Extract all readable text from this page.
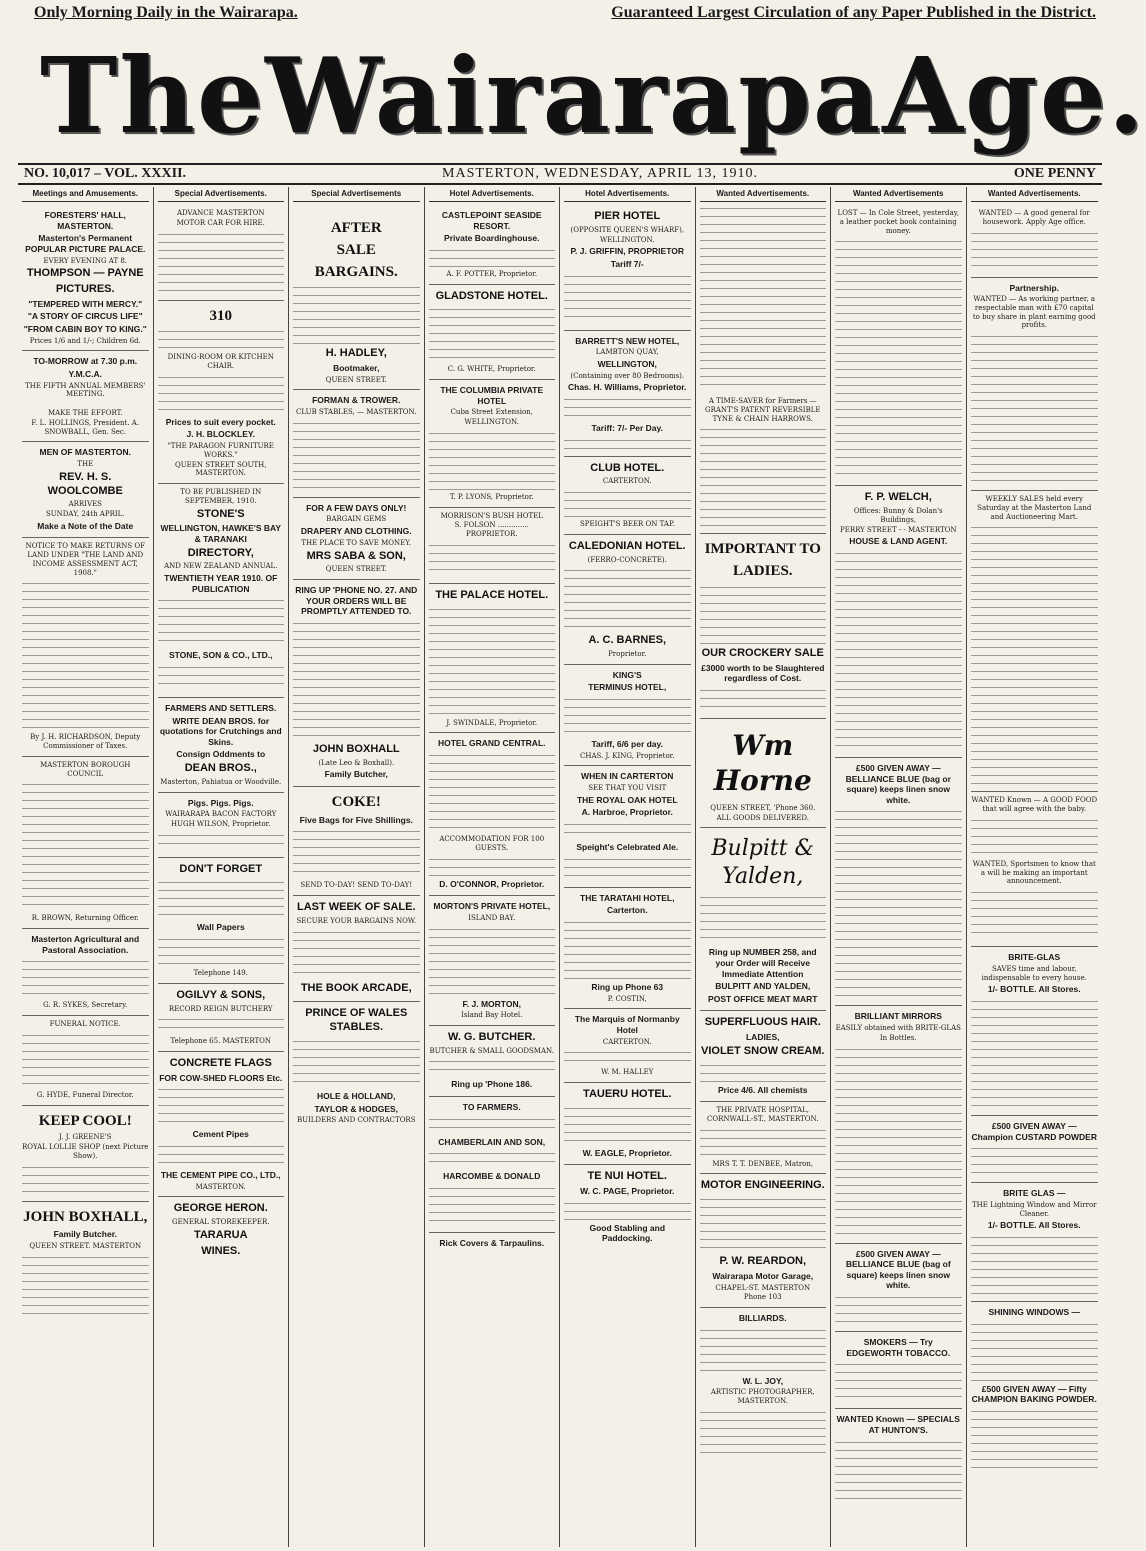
Only Morning Daily in the Wairarapa.	Guaranteed Largest Circulation of any Paper Published in the District.
The Wairarapa Age.
NO. 10,017 – VOL. XXXII.	MASTERTON, WEDNESDAY, APRIL 13, 1910.	ONE PENNY
Meetings and Amusements.
FORESTERS' HALL, MASTERTON.
Masterton's Permanent POPULAR PICTURE PALACE.
EVERY EVENING AT 8.
THOMPSON — PAYNE
PICTURES.
"TEMPERED WITH MERCY."
"A STORY OF CIRCUS LIFE"
"FROM CABIN BOY TO KING."
Prices 1/6 and 1/-; Children 6d.
TO-MORROW at 7.30 p.m.
Y.M.C.A.
THE FIFTH ANNUAL MEMBERS' MEETING.
MAKE THE EFFORT.
F. L. HOLLINGS, President. A. SNOWBALL, Gen. Sec.
MEN OF MASTERTON.
THE
REV. H. S. WOOLCOMBE
ARRIVES
SUNDAY, 24th APRIL.
Make a Note of the Date
NOTICE TO MAKE RETURNS OF LAND UNDER "THE LAND AND INCOME ASSESSMENT ACT, 1908."
By J. H. RICHARDSON, Deputy Commissioner of Taxes.
MASTERTON BOROUGH COUNCIL
R. BROWN, Returning Officer.
Masterton Agricultural and Pastoral Association.
G. R. SYKES, Secretary.
FUNERAL NOTICE.
G. HYDE, Funeral Director.
KEEP COOL!
J. J. GREENE'S
ROYAL LOLLIE SHOP (next Picture Show).
JOHN BOXHALL,
Family Butcher.
QUEEN STREET. MASTERTON
Special Advertisements.
ADVANCE MASTERTON
MOTOR CAR FOR HIRE.
310
DINING-ROOM OR KITCHEN CHAIR.
Prices to suit every pocket.
J. H. BLOCKLEY.
"THE PARAGON FURNITURE WORKS."
QUEEN STREET SOUTH, MASTERTON.
TO BE PUBLISHED IN SEPTEMBER, 1910.
STONE'S
WELLINGTON, HAWKE'S BAY & TARANAKI
DIRECTORY,
AND NEW ZEALAND ANNUAL.
TWENTIETH YEAR 1910. OF PUBLICATION
STONE, SON & CO., LTD.,
FARMERS AND SETTLERS.
WRITE DEAN BROS. for quotations for Crutchings and Skins.
Consign Oddments to
DEAN BROS.,
Masterton, Pahiatua or Woodville.
Pigs. Pigs. Pigs.
WAIRARAPA BACON FACTORY
HUGH WILSON, Proprietor.
DON'T FORGET
Wall Papers
Telephone 149.
OGILVY & SONS,
RECORD REIGN BUTCHERY
Telephone 65. MASTERTON
CONCRETE FLAGS
FOR COW-SHED FLOORS Etc.
Cement Pipes
THE CEMENT PIPE CO., LTD.,
MASTERTON.
GEORGE HERON.
GENERAL STOREKEEPER.
TARARUA
WINES.
Special Advertisements
AFTER
SALE
BARGAINS.
H. HADLEY,
Bootmaker,
QUEEN STREET.
FORMAN & TROWER.
CLUB STABLES, — MASTERTON.
FOR A FEW DAYS ONLY!
BARGAIN GEMS
DRAPERY AND CLOTHING.
THE PLACE TO SAVE MONEY.
MRS SABA & SON,
QUEEN STREET.
RING UP 'PHONE NO. 27. AND YOUR ORDERS WILL BE PROMPTLY ATTENDED TO.
JOHN BOXHALL
(Late Leo & Boxhall).
Family Butcher,
COKE!
Five Bags for Five Shillings.
SEND TO-DAY! SEND TO-DAY!
LAST WEEK OF SALE.
SECURE YOUR BARGAINS NOW.
THE BOOK ARCADE,
PRINCE OF WALES STABLES.
HOLE & HOLLAND,
TAYLOR & HODGES,
BUILDERS AND CONTRACTORS
Hotel Advertisements.
CASTLEPOINT SEASIDE RESORT.
Private Boardinghouse.
A. F. POTTER, Proprietor.
GLADSTONE HOTEL.
C. G. WHITE, Proprietor.
THE COLUMBIA PRIVATE HOTEL
Cuba Street Extension,
WELLINGTON.
T. P. LYONS, Proprietor.
MORRISON'S BUSH HOTEL
S. FOLSON .............. PROPRIETOR.
THE PALACE HOTEL.
J. SWINDALE, Proprietor.
HOTEL GRAND CENTRAL.
ACCOMMODATION FOR 100 GUESTS.
D. O'CONNOR, Proprietor.
MORTON'S PRIVATE HOTEL,
ISLAND BAY.
F. J. MORTON,
Island Bay Hotel.
W. G. BUTCHER.
BUTCHER & SMALL GOODSMAN.
Ring up 'Phone 186.
TO FARMERS.
CHAMBERLAIN AND SON,
HARCOMBE & DONALD
Rick Covers & Tarpaulins.
Hotel Advertisements.
PIER HOTEL
(OPPOSITE QUEEN'S WHARF),
WELLINGTON.
P. J. GRIFFIN, PROPRIETOR
Tariff 7/-
BARRETT'S NEW HOTEL,
LAMBTON QUAY,
WELLINGTON,
(Containing over 80 Bedrooms).
Chas. H. Williams, Proprietor.
Tariff: 7/- Per Day.
CLUB HOTEL.
CARTERTON.
SPEIGHT'S BEER ON TAP.
CALEDONIAN HOTEL.
(FERRO-CONCRETE).
A. C. BARNES,
Proprietor.
KING'S
TERMINUS HOTEL,
Tariff, 6/6 per day.
CHAS. J. KING, Proprietor.
WHEN IN CARTERTON
SEE THAT YOU VISIT
THE ROYAL OAK HOTEL
A. Harbroe, Proprietor.
Speight's Celebrated Ale.
THE TARATAHI HOTEL,
Carterton.
Ring up Phone 63
P. COSTIN,
The Marquis of Normanby Hotel
CARTERTON.
W. M. HALLEY
TAUERU HOTEL.
W. EAGLE, Proprietor.
TE NUI HOTEL.
W. C. PAGE, Proprietor.
Good Stabling and Paddocking.
Wanted Advertisements.
A TIME-SAVER for Farmers — GRANT'S PATENT REVERSIBLE TYNE & CHAIN HARROWS.
IMPORTANT TO
LADIES.
OUR CROCKERY SALE
£3000 worth to be Slaughtered regardless of Cost.
Wm Horne
QUEEN STREET, 'Phone 360.
ALL GOODS DELIVERED.
Bulpitt & Yalden,
Ring up NUMBER 258, and your Order will Receive Immediate Attention
BULPITT AND YALDEN,
POST OFFICE MEAT MART
SUPERFLUOUS HAIR.
LADIES,
VIOLET SNOW CREAM.
Price 4/6. All chemists
THE PRIVATE HOSPITAL, CORNWALL-ST., MASTERTON.
MRS T. T. DENBEE, Matron,
MOTOR ENGINEERING.
P. W. REARDON,
Wairarapa Motor Garage,
CHAPEL-ST. MASTERTON
Phone 103
BILLIARDS.
W. L. JOY,
ARTISTIC PHOTOGRAPHER, MASTERTON.
Wanted Advertisements
LOST — In Cole Street, yesterday, a leather pocket book containing money.
F. P. WELCH,
Offices: Bunny & Dolan's Buildings,
PERRY STREET - - MASTERTON
HOUSE & LAND AGENT.
£500 GIVEN AWAY — BELLIANCE BLUE (bag or square) keeps linen snow white.
BRILLIANT MIRRORS
EASILY obtained with BRITE-GLAS
In Bottles.
£500 GIVEN AWAY — BELLIANCE BLUE (bag of square) keeps linen snow white.
SMOKERS — Try EDGEWORTH TOBACCO.
WANTED Known — SPECIALS AT HUNTON'S.
Wanted Advertisements.
WANTED — A good general for housework. Apply Age office.
Partnership.
WANTED — As working partner, a respectable man with £70 capital to buy share in plant earning good profits.
WEEKLY SALES held every Saturday at the Masterton Land and Auctioneering Mart.
WANTED Known — A GOOD FOOD that will agree with the baby.
WANTED, Sportsmen to know that a will be making an important announcement.
BRITE-GLAS
SAVES time and labour, indispensable to every house.
1/- BOTTLE. All Stores.
£500 GIVEN AWAY — Champion CUSTARD POWDER
BRITE GLAS —
THE Lightning Window and Mirror Cleaner.
1/- BOTTLE. All Stores.
SHINING WINDOWS —
£500 GIVEN AWAY — Fifty CHAMPION BAKING POWDER.
